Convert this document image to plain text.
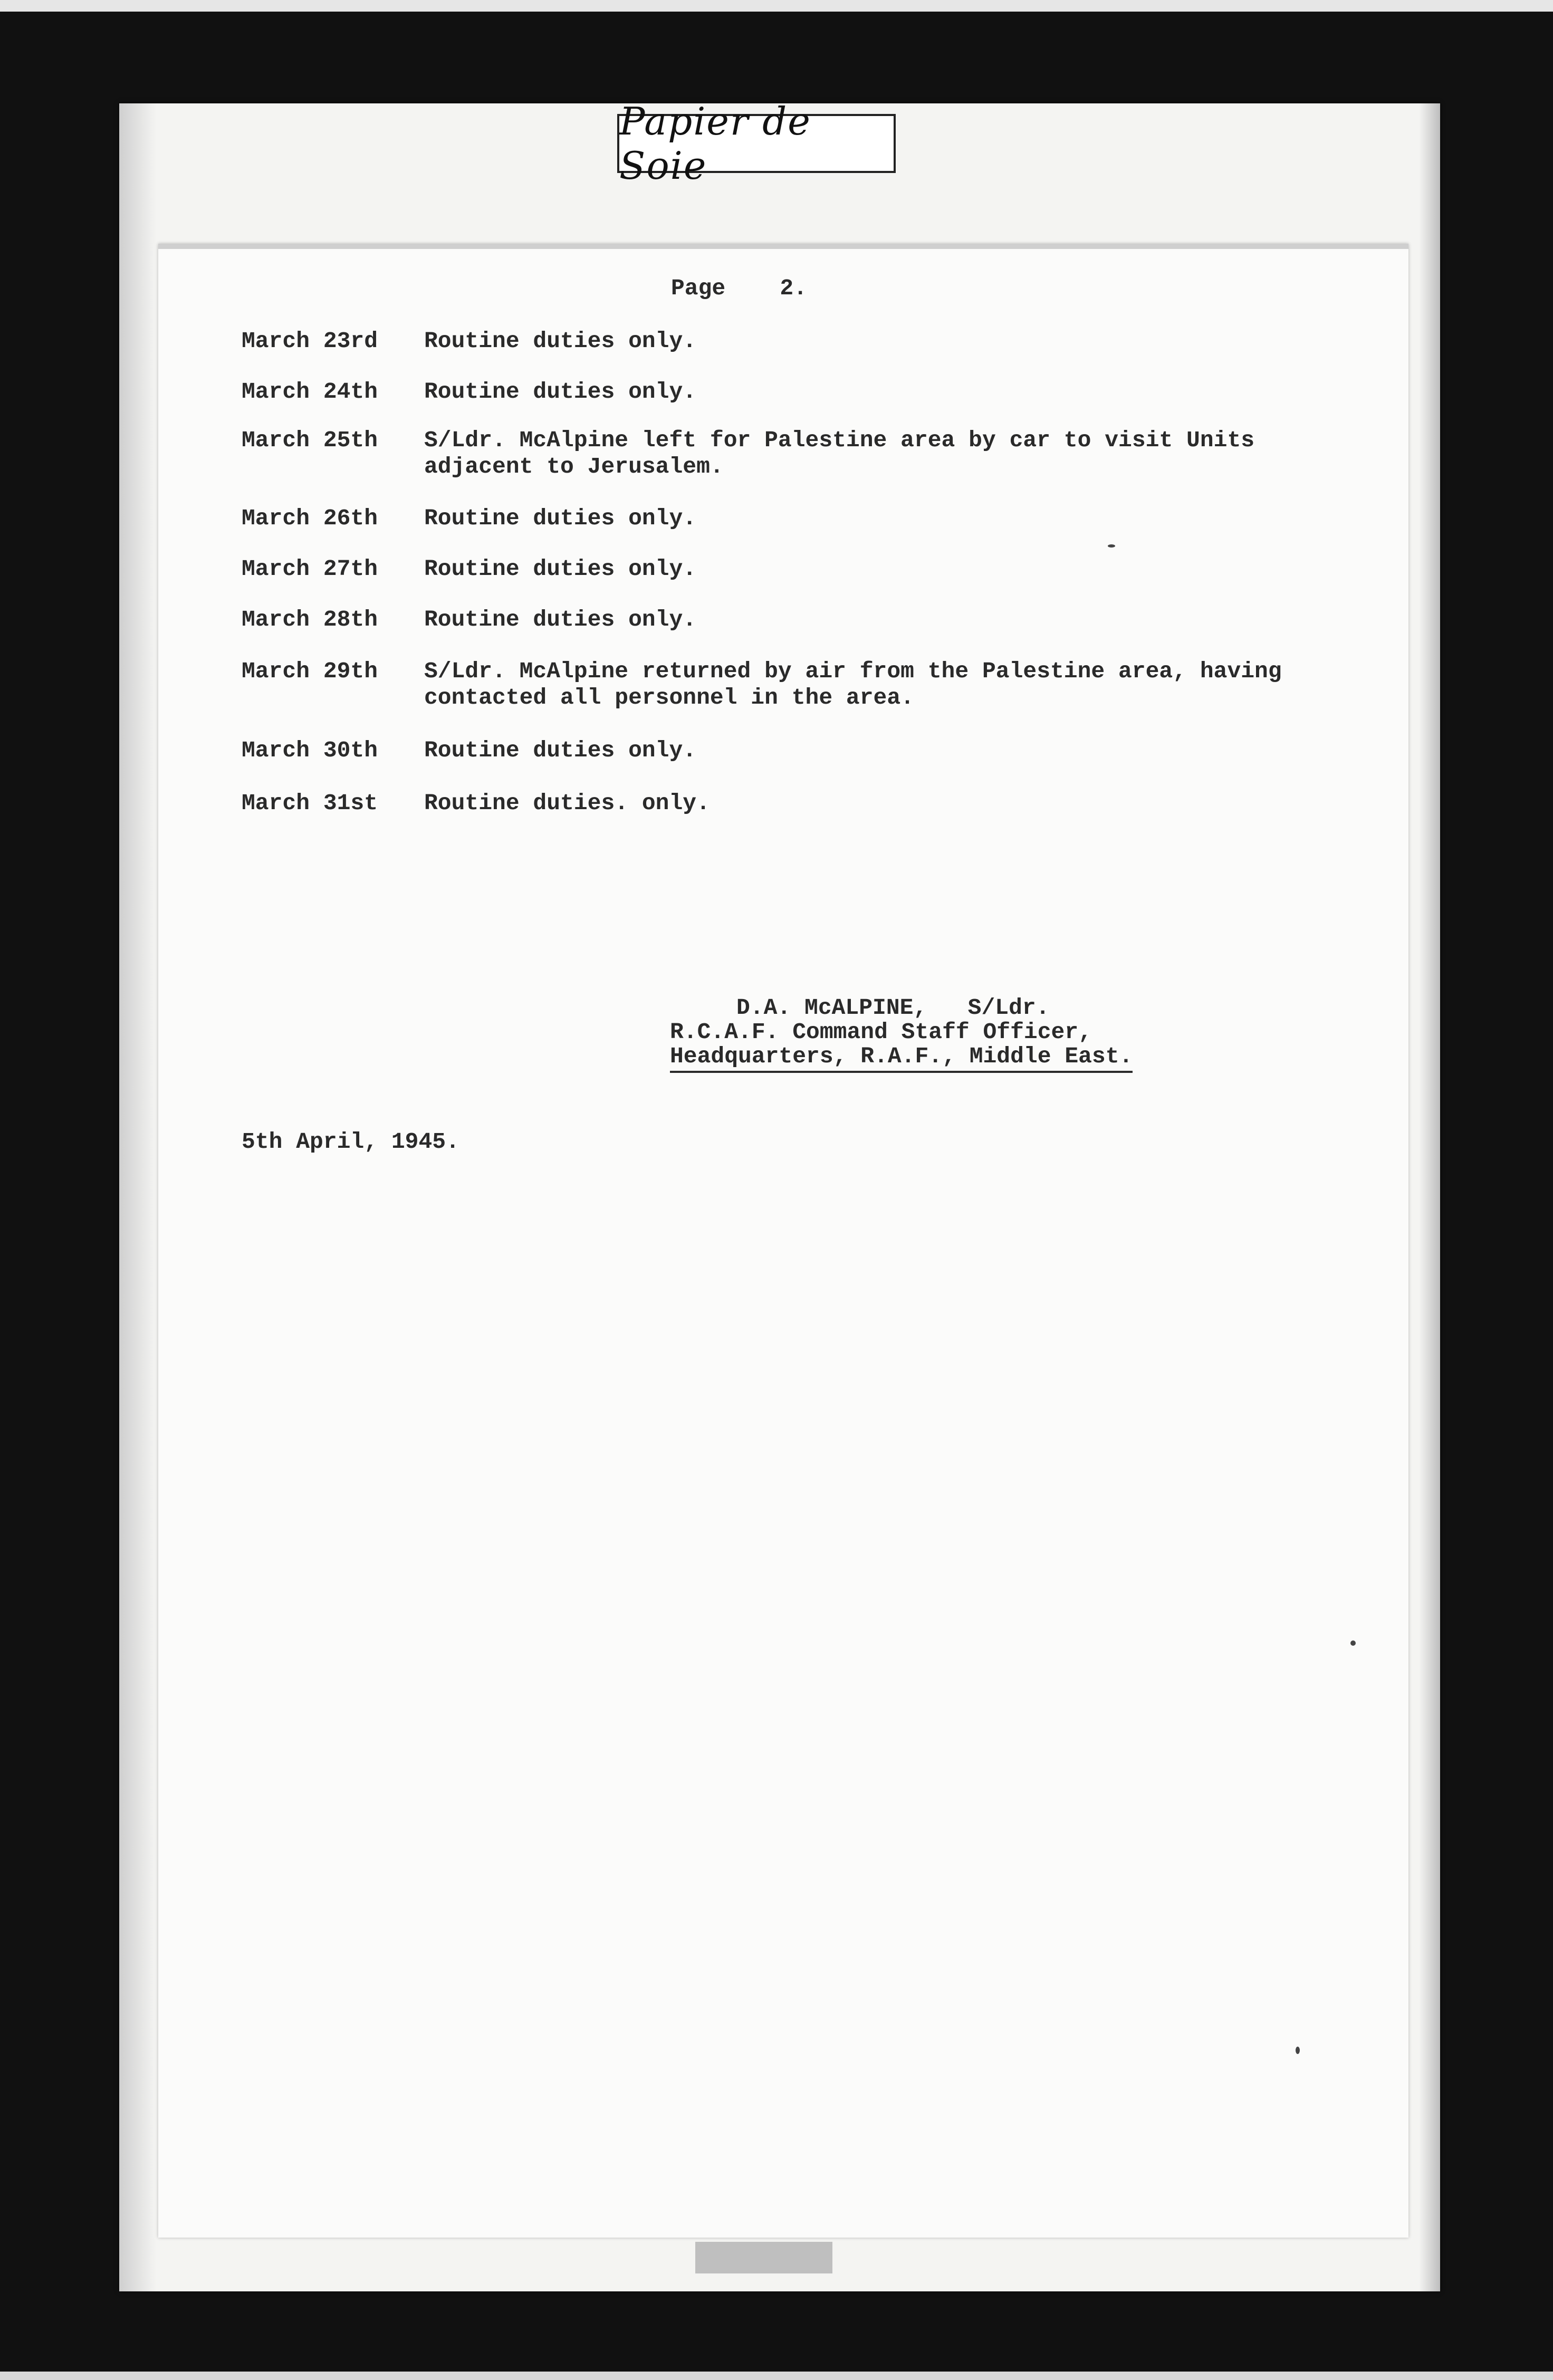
Papier de Soie
Page    2.
March 23rd	Routine duties only.
March 24th	Routine duties only.
March 25th	S/Ldr. McAlpine left for Palestine area by car to visit Units
adjacent to Jerusalem.
March 26th	Routine duties only.
March 27th	Routine duties only.
March 28th	Routine duties only.
March 29th	S/Ldr. McAlpine returned by air from the Palestine area, having
contacted all personnel in the area.
March 30th	Routine duties only.
March 31st	Routine duties. only.
D.A. McALPINE,   S/Ldr.
R.C.A.F. Command Staff Officer,
Headquarters, R.A.F., Middle East.
5th April, 1945.
